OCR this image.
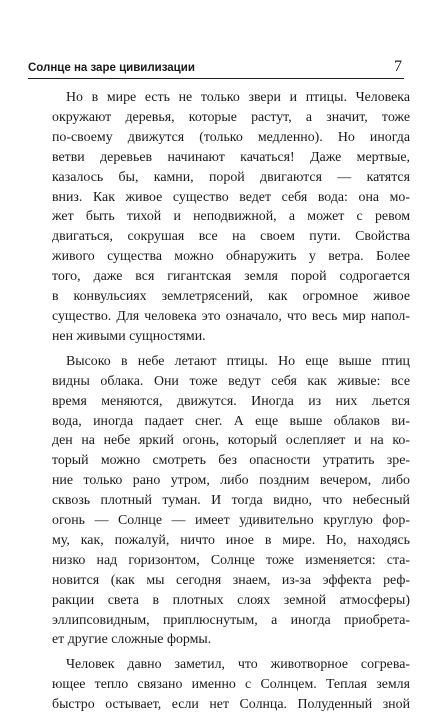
Солнце на заре цивилизации	7
Но в мире есть не только звери и птицы. Человека
окружают деревья, которые растут, а значит, тоже
по-своему движутся (только медленно). Но иногда
ветви деревьев начинают качаться! Даже мертвые,
казалось бы, камни, порой двигаются — катятся
вниз. Как живое существо ведет себя вода: она мо-
жет быть тихой и неподвижной, а может с ревом
двигаться, сокрушая все на своем пути. Свойства
живого существа можно обнаружить у ветра. Более
того, даже вся гигантская земля порой содрогается
в конвульсиях землетрясений, как огромное живое
существо. Для человека это означало, что весь мир напол-
нен живыми сущностями.
Высоко в небе летают птицы. Но еще выше птиц
видны облака. Они тоже ведут себя как живые: все
время меняются, движутся. Иногда из них льется
вода, иногда падает снег. А еще выше облаков ви-
ден на небе яркий огонь, который ослепляет и на ко-
торый можно смотреть без опасности утратить зре-
ние только рано утром, либо поздним вечером, либо
сквозь плотный туман. И тогда видно, что небесный
огонь — Солнце — имеет удивительно круглую фор-
му, как, пожалуй, ничто иное в мире. Но, находясь
низко над горизонтом, Солнце тоже изменяется: ста-
новится (как мы сегодня знаем, из-за эффекта реф-
ракции света в плотных слоях земной атмосферы)
эллипсовидным, приплюснутым, а иногда приобрета-
ет другие сложные формы.
Человек давно заметил, что животворное согрева-
ющее тепло связано именно с Солнцем. Теплая земля
быстро остывает, если нет Солнца. Полуденный зной
